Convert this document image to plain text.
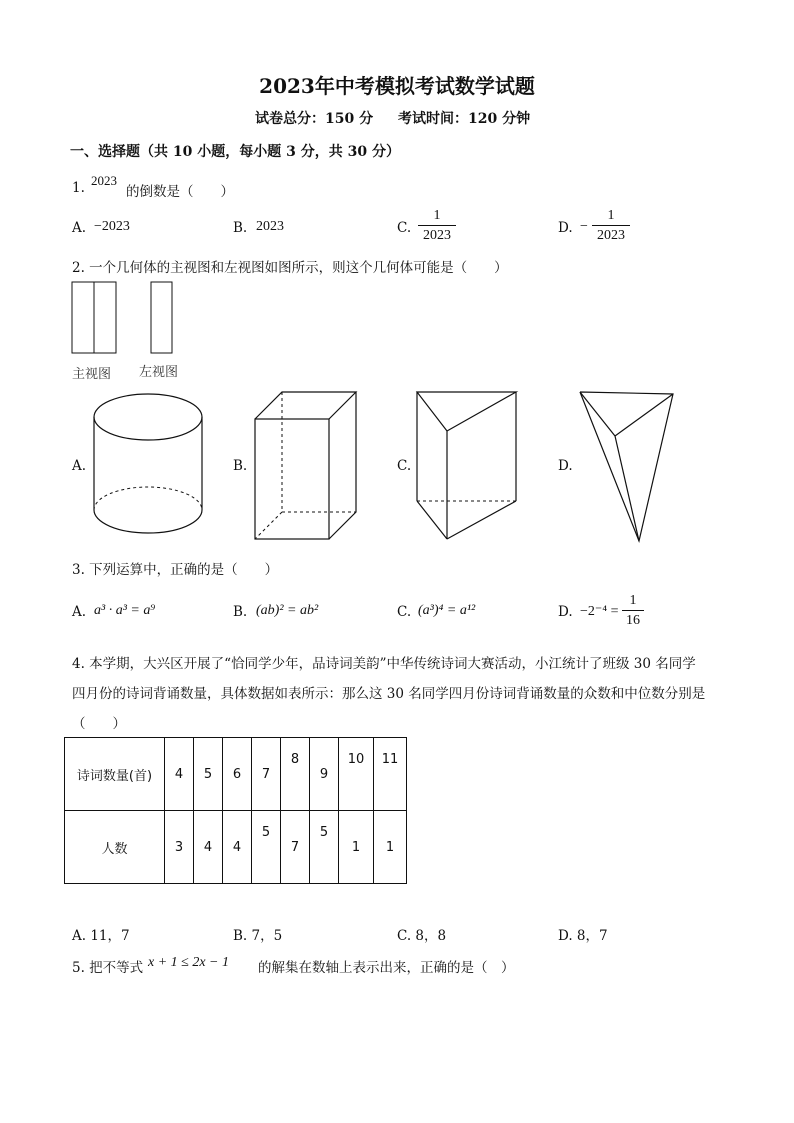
2023年中考模拟考试数学试题
试卷总分：150 分 考试时间：120 分钟
一、选择题（共 10 小题，每小题 3 分，共 30 分）
1. 2023
的倒数是（　　）
A. −2023	B. 2023	C.
1
2023	D. −
1
2023
2. 一个几何体的主视图和左视图如图所示，则这个几何体可能是（　　）
主视图 左视图
A.	B.	C.	D.
3. 下列运算中，正确的是（　　）
A. a³ · a³ = a⁹	B. (ab)² = ab²	C. (a³)⁴ = a¹²	D. −2⁻⁴ =
1
16
4. 本学期，大兴区开展了“恰同学少年，品诗词美韵”中华传统诗词大赛活动，小江统计了班级 30 名同学
四月份的诗词背诵数量，具体数据如表所示：那么这 30 名同学四月份诗词背诵数量的众数和中位数分别是
（　　）
诗词数量(首)	4	5	6	7	8	9	10	11
人数	3	4	4	5	7	5	1	1
A. 11，7	B. 7，5	C. 8，8	D. 8，7
5. 把不等式 x + 1 ≤ 2x − 1 的解集在数轴上表示出来，正确的是（　）
